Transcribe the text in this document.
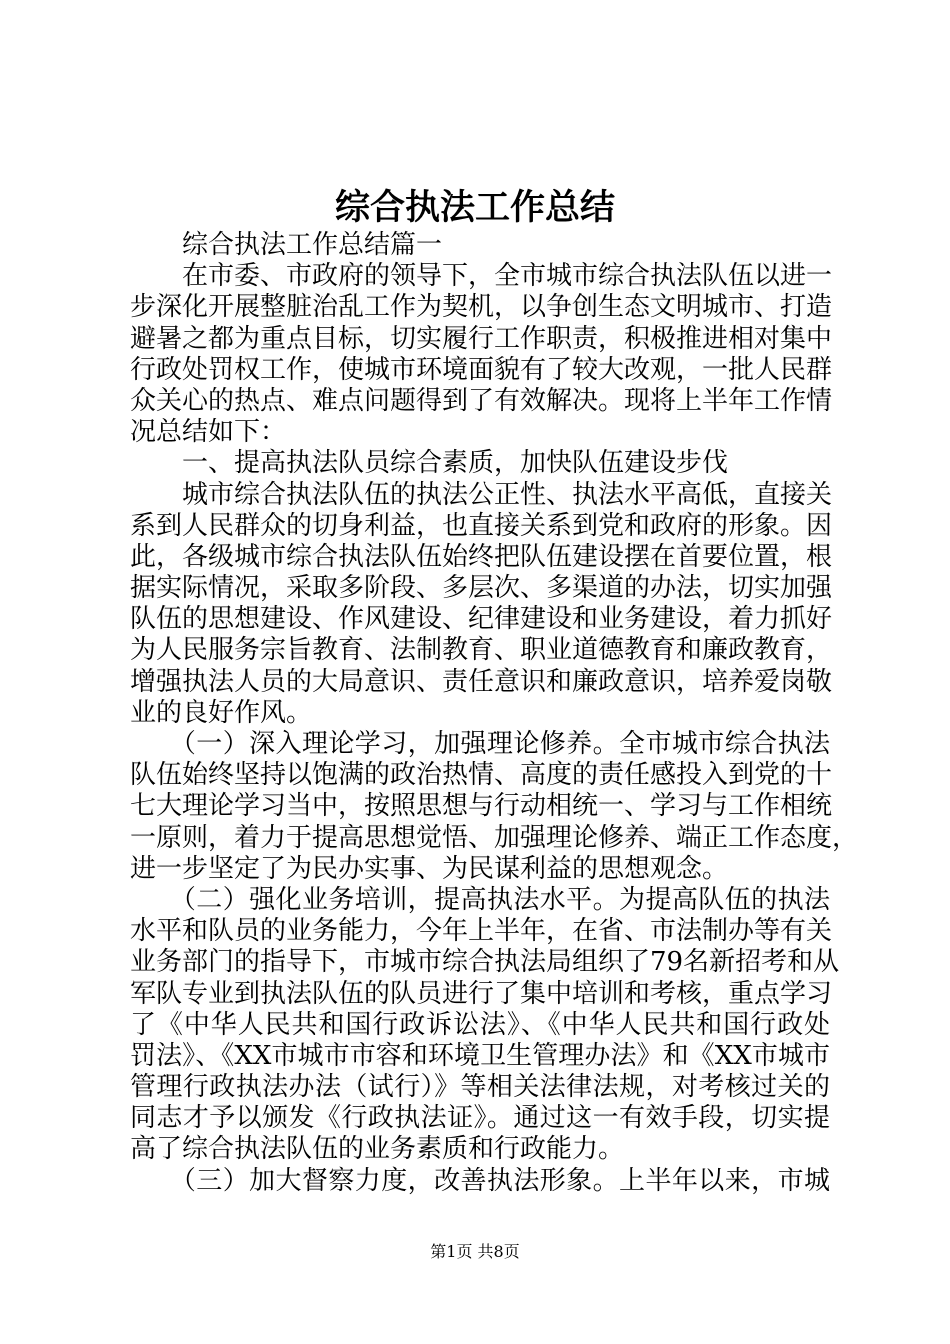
综合执法工作总结
　　综合执法工作总结篇一
　　在市委、市政府的领导下，全市城市综合执法队伍以进一
步深化开展整脏治乱工作为契机，以争创生态文明城市、打造
避暑之都为重点目标，切实履行工作职责，积极推进相对集中
行政处罚权工作，使城市环境面貌有了较大改观，一批人民群
众关心的热点、难点问题得到了有效解决。现将上半年工作情
况总结如下：
　　一、提高执法队员综合素质，加快队伍建设步伐
　　城市综合执法队伍的执法公正性、执法水平高低，直接关
系到人民群众的切身利益，也直接关系到党和政府的形象。因
此，各级城市综合执法队伍始终把队伍建设摆在首要位置，根
据实际情况，采取多阶段、多层次、多渠道的办法，切实加强
队伍的思想建设、作风建设、纪律建设和业务建设，着力抓好
为人民服务宗旨教育、法制教育、职业道德教育和廉政教育，
增强执法人员的大局意识、责任意识和廉政意识，培养爱岗敬
业的良好作风。
　　（一）深入理论学习，加强理论修养。全市城市综合执法
队伍始终坚持以饱满的政治热情、高度的责任感投入到党的十
七大理论学习当中，按照思想与行动相统一、学习与工作相统
一原则，着力于提高思想觉悟、加强理论修养、端正工作态度，
进一步坚定了为民办实事、为民谋利益的思想观念。
　　（二）强化业务培训，提高执法水平。为提高队伍的执法
水平和队员的业务能力，今年上半年，在省、市法制办等有关
业务部门的指导下，市城市综合执法局组织了79名新招考和从
军队专业到执法队伍的队员进行了集中培训和考核，重点学习
了《中华人民共和国行政诉讼法》、《中华人民共和国行政处
罚法》、《XX市城市市容和环境卫生管理办法》和《XX市城市
管理行政执法办法（试行）》等相关法律法规，对考核过关的
同志才予以颁发《行政执法证》。通过这一有效手段，切实提
高了综合执法队伍的业务素质和行政能力。
　　（三）加大督察力度，改善执法形象。上半年以来，市城
第1页 共8页
